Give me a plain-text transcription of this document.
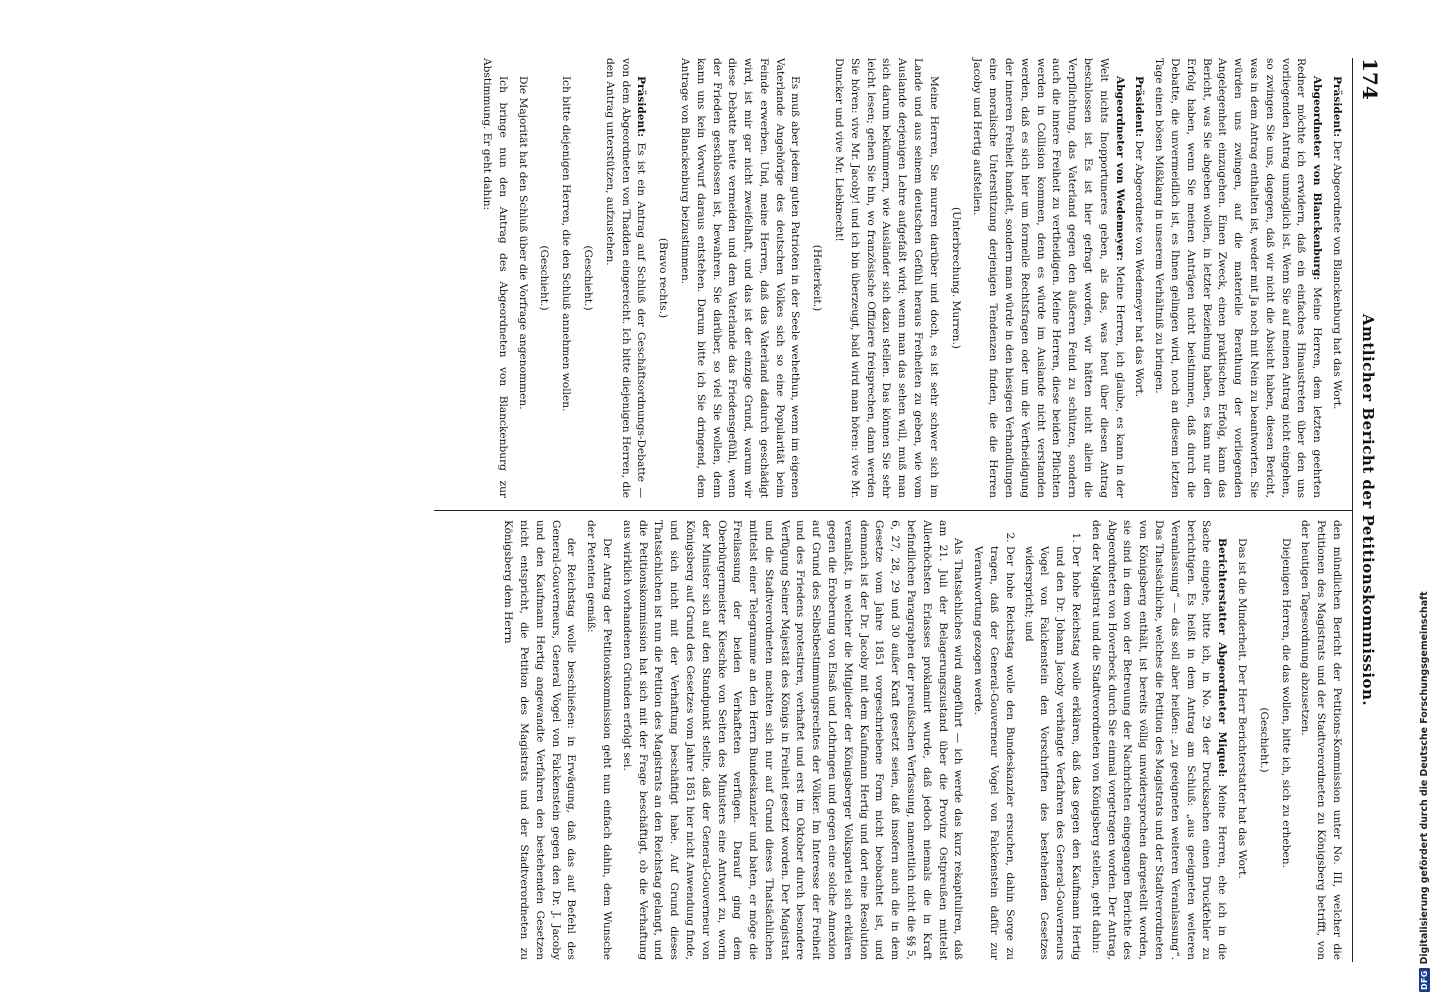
174
Amtlicher Bericht der Petitionskommission.

Präsident: Der Abgeordnete von Blanckenburg hat das Wort.

Abgeordneter von Blanckenburg: Meine Herren, dem letzten geehrten Redner möchte ich erwidern, daß ein einfaches Hinaustreten über den uns vorliegenden Antrag unmöglich ist. Wenn Sie auf meinen Antrag nicht eingehen, so zwingen Sie uns, dagegen, daß wir nicht die Absicht haben, diesen Bericht, was in dem Antrag enthalten ist, weder mit Ja noch mit Nein zu beantworten. Sie würden uns zwingen, auf die materielle Berathung der vorliegenden Angelegenheit einzugehen. Einen Zweck, einen praktischen Erfolg, kann das Bericht, was Sie abgeben wollen, in letzter Beziehung haben, es kann nur den Erfolg haben, wenn Sie meinen Anträgen nicht beistimmen, daß durch die Debatte, die unvermeidlich ist, es Ihnen gelingen wird, noch an diesem letzten Tage einen bösen Mißklang in unserem Verhältniß zu bringen.

Präsident: Der Abgeordnete von Wedemeyer hat das Wort.

Abgeordneter von Wedemeyer: Meine Herren, ich glaube, es kann in der Welt nichts Inopportuneres geben, als das, was heut über diesen Antrag beschlossen ist. Es ist hier gefragt worden, wir hätten nicht allein die Verpflichtung, das Vaterland gegen den äußeren Feind zu schützen, sondern auch die innere Freiheit zu vertheidigen. Meine Herren, diese beiden Pflichten werden in Collision kommen, denn es würde im Auslande nicht verstanden werden, daß es sich hier um formelle Rechtsfragen oder um die Vertheidigung der inneren Freiheit handelt, sondern man würde in den hiesigen Verhandlungen eine moralische Unterstützung derjenigen Tendenzen finden, die die Herren Jacoby und Hertig aufstellen.

(Unterbrechung. Murren.)

Meine Herren, Sie murren darüber und doch, es ist sehr schwer sich im Lande und aus seinem deutschen Gefühl heraus Freiheiten zu geben, wie vom Auslande derjenigen Lehre aufgefaßt wird; wenn man das sehen will, muß man sich darum bekümmern, wie Ausländer sich dazu stellen. Das können Sie sehr leicht lesen; gehen Sie hin, wo französische Offiziere freisprechen, dann werden Sie hören: vive Mr. Jacoby! und ich bin überzeugt, bald wird man hören: vive Mr. Duncker und vive Mr. Liebknecht!

(Heiterkeit.)

Es muß aber jedem guten Patrioten in der Seele wehethun, wenn im eigenen Vaterlande Angehörige des deutschen Volkes sich so eine Popularität beim Feinde erwerben. Und, meine Herren, daß das Vaterland dadurch geschädigt wird, ist mir gar nicht zweifelhaft, und das ist der einzige Grund, warum wir diese Debatte heute vermeiden und dem Vaterlande das Friedensgefühl, wenn der Frieden geschlossen ist, bewahren. Sie darüber, so viel Sie wollen, denn kann uns kein Vorwurf daraus entstehen. Darum bitte ich Sie dringend, dem Antrage von Blanckenburg beizustimmen.

(Bravo rechts.)

Präsident: Es ist ein Antrag auf Schluß der Geschäftsordnungs-Debatte — von dem Abgeordneten von Thadden eingereicht. Ich bitte diejenigen Herren, die den Antrag unterstützen, aufzustehen.

(Geschieht.)

Ich bitte diejenigen Herren, die den Schluß annehmen wollen.

(Geschieht.)

Die Majorität hat den Schluß über die Vorfrage angenommen.

Ich bringe nun den Antrag des Abgeordneten von Blanckenburg zur Abstimmung. Er geht dahin:

den mündlichen Bericht der Petitions-Kommission unter No. III, welcher die Petitionen des Magistrats und der Stadtverordneten zu Königsberg betrifft, von der heutigen Tagesordnung abzusetzen.

Diejenigen Herren, die das wollen, bitte ich, sich zu erheben.

(Geschieht.)

Das ist die Minderheit. Der Herr Berichterstatter hat das Wort.

Berichterstatter Abgeordneter Miquel: Meine Herren, ehe ich in die Sache eingehe, bitte ich, in No. 29 der Drucksachen einen Druckfehler zu berichtigen. Es heißt in dem Antrag am Schluß: „aus geeigneten weiteren Veranlassung“ — das soll aber heißen: „zu geeigneten weiteren Veranlassung“. Das Thatsächliche, welches die Petition des Magistrats und der Stadtverordneten von Königsberg enthält, ist bereits völlig unwidersprochen dargestellt worden, sie sind in dem von der Betreuung der Nachrichten eingegangen Berichte des Abgeordneten von Hoverbeck durch Sie einmal vorgetragen worden. Der Antrag, den der Magistrat und die Stadtverordneten von Königsberg stellen, geht dahin:

1. Der hohe Reichstag wolle erklären, daß das gegen den Kaufmann Hertig und den Dr. Johann Jacoby verhängte Verfahren des General-Gouverneurs Vogel von Falckenstein den Vorschriften des bestehenden Gesetzes widerspricht; und
2. Der hohe Reichstag wolle den Bundeskanzler ersuchen, dahin Sorge zu tragen, daß der General-Gouverneur Vogel von Falckenstein dafür zur Verantwortung gezogen werde.

Als Thatsächliches wird angeführt — ich werde das kurz rekapituliren, daß am 21. Juli der Belagerungszustand über die Provinz Ostpreußen mittelst Allerhöchsten Erlasses proklamirt wurde, daß jedoch niemals die in Kraft befindlichen Paragraphen der preußischen Verfassung, namentlich nicht die §§ 5, 6, 27, 28, 29 und 30 außer Kraft gesetzt seien, daß insofern auch die in dem Gesetze vom Jahre 1851 vorgeschriebene Form nicht beobachtet ist, und demnach ist der Dr. Jacoby mit dem Kaufmann Hertig und dort eine Resolution veranlaßt, in welcher die Mitglieder der Königsberger Volkspartei sich erklären gegen die Eroberung von Elsaß und Lothringen und gegen eine solche Annexion auf Grund des Selbstbestimmungsrechtes der Völker. Im Interesse der Freiheit und des Friedens protestiren, verhaftet und erst im Oktober durch besondere Verfügung Seiner Majestät des Königs in Freiheit gesetzt worden. Der Magistrat und die Stadtverordneten machten sich nur auf Grund dieses Thatsächlichen mittelst einer Telegramme an den Herrn Bundeskanzler und baten, er möge die Freilassung der beiden Verhafteten verfügen. Darauf ging dem Oberbürgermeister Kieschke von Seiten des Ministers eine Antwort zu, worin der Minister sich auf den Standpunkt stellte, daß der General-Gouverneur von Königsberg auf Grund des Gesetzes vom Jahre 1851 hier nicht Anwendung finde, und sich nicht mit der Verhaftung beschäftigt habe. Auf Grund dieses Thatsächlichen ist nun die Petition des Magistrats an den Reichstag gelangt, und die Petitionskommission hat sich mit der Frage beschäftigt, ob die Verhaftung aus wirklich vorhandenen Gründen erfolgt sei.

Der Antrag der Petitionskommission geht nun einfach dahin, dem Wunsche der Petenten gemäß:

der Reichstag wolle beschließen: in Erwägung, daß das auf Befehl des General-Gouverneurs, General Vogel von Falckenstein gegen den Dr. J. Jacoby und den Kaufmann Hertig angewandte Verfahren den bestehenden Gesetzen nicht entspricht, die Petition des Magistrats und der Stadtverordneten zu Königsberg dem Herrn

DFG
Digitalisierung gefördert durch die Deutsche Forschungsgemeinschaft
